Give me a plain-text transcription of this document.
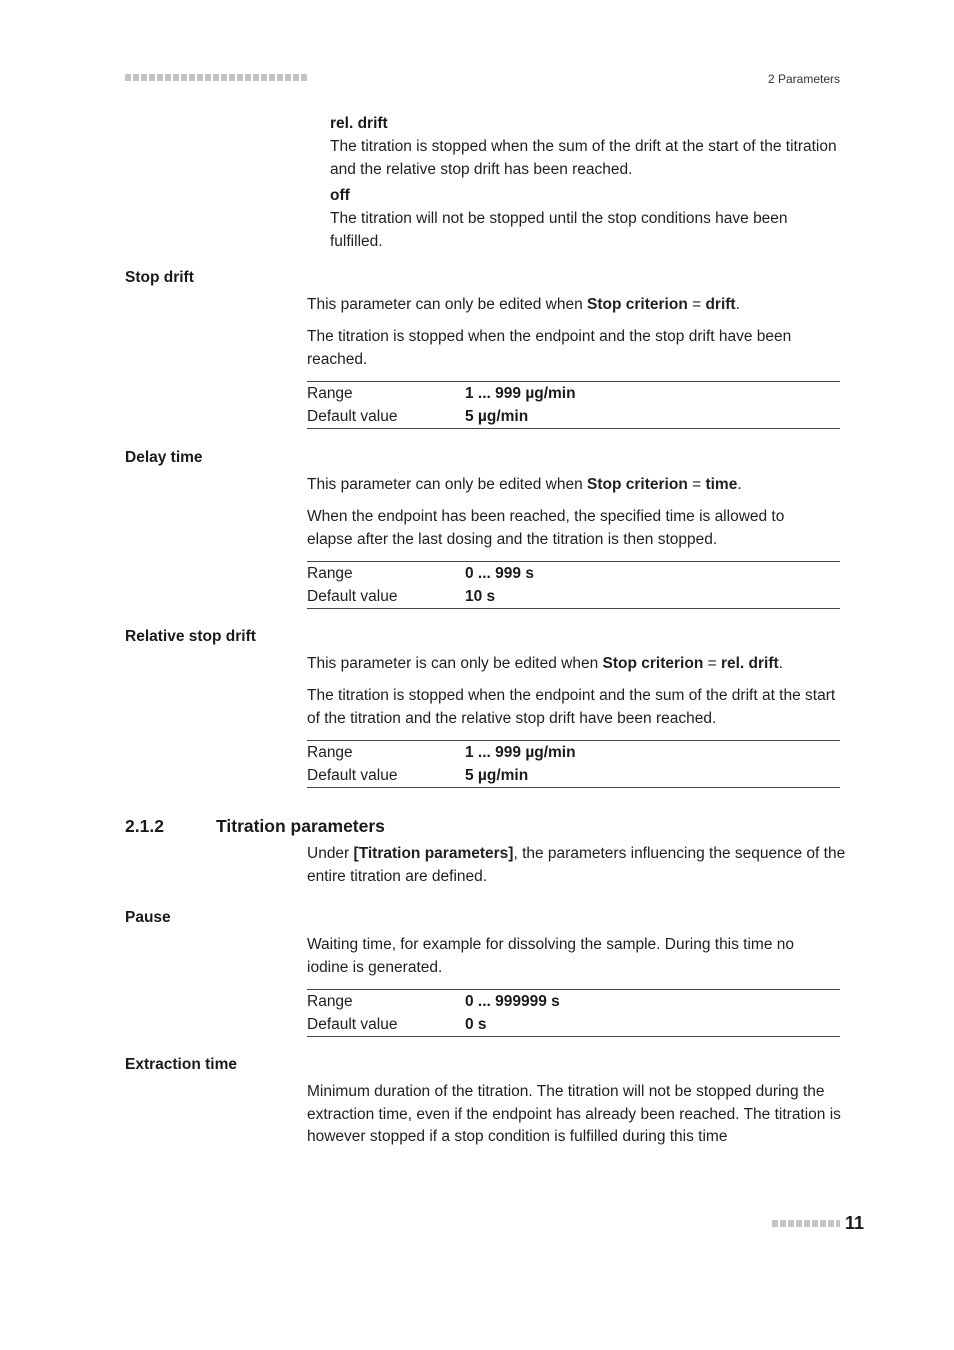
2 Parameters
rel. drift
The titration is stopped when the sum of the drift at the start of the titration and the relative stop drift has been reached.
off
The titration will not be stopped until the stop conditions have been fulfilled.
Stop drift
This parameter can only be edited when Stop criterion = drift.
The titration is stopped when the endpoint and the stop drift have been reached.
Range	1 ... 999 µg/min
Default value	5 µg/min
Delay time
This parameter can only be edited when Stop criterion = time.
When the endpoint has been reached, the specified time is allowed to elapse after the last dosing and the titration is then stopped.
Range	0 ... 999 s
Default value	10 s
Relative stop drift
This parameter is can only be edited when Stop criterion = rel. drift.
The titration is stopped when the endpoint and the sum of the drift at the start of the titration and the relative stop drift have been reached.
Range	1 ... 999 µg/min
Default value	5 µg/min
2.1.2	Titration parameters
Under [Titration parameters], the parameters influencing the sequence of the entire titration are defined.
Pause
Waiting time, for example for dissolving the sample. During this time no iodine is generated.
Range	0 ... 999999 s
Default value	0 s
Extraction time
Minimum duration of the titration. The titration will not be stopped during the extraction time, even if the endpoint has already been reached. The titration is however stopped if a stop condition is fulfilled during this time
11
